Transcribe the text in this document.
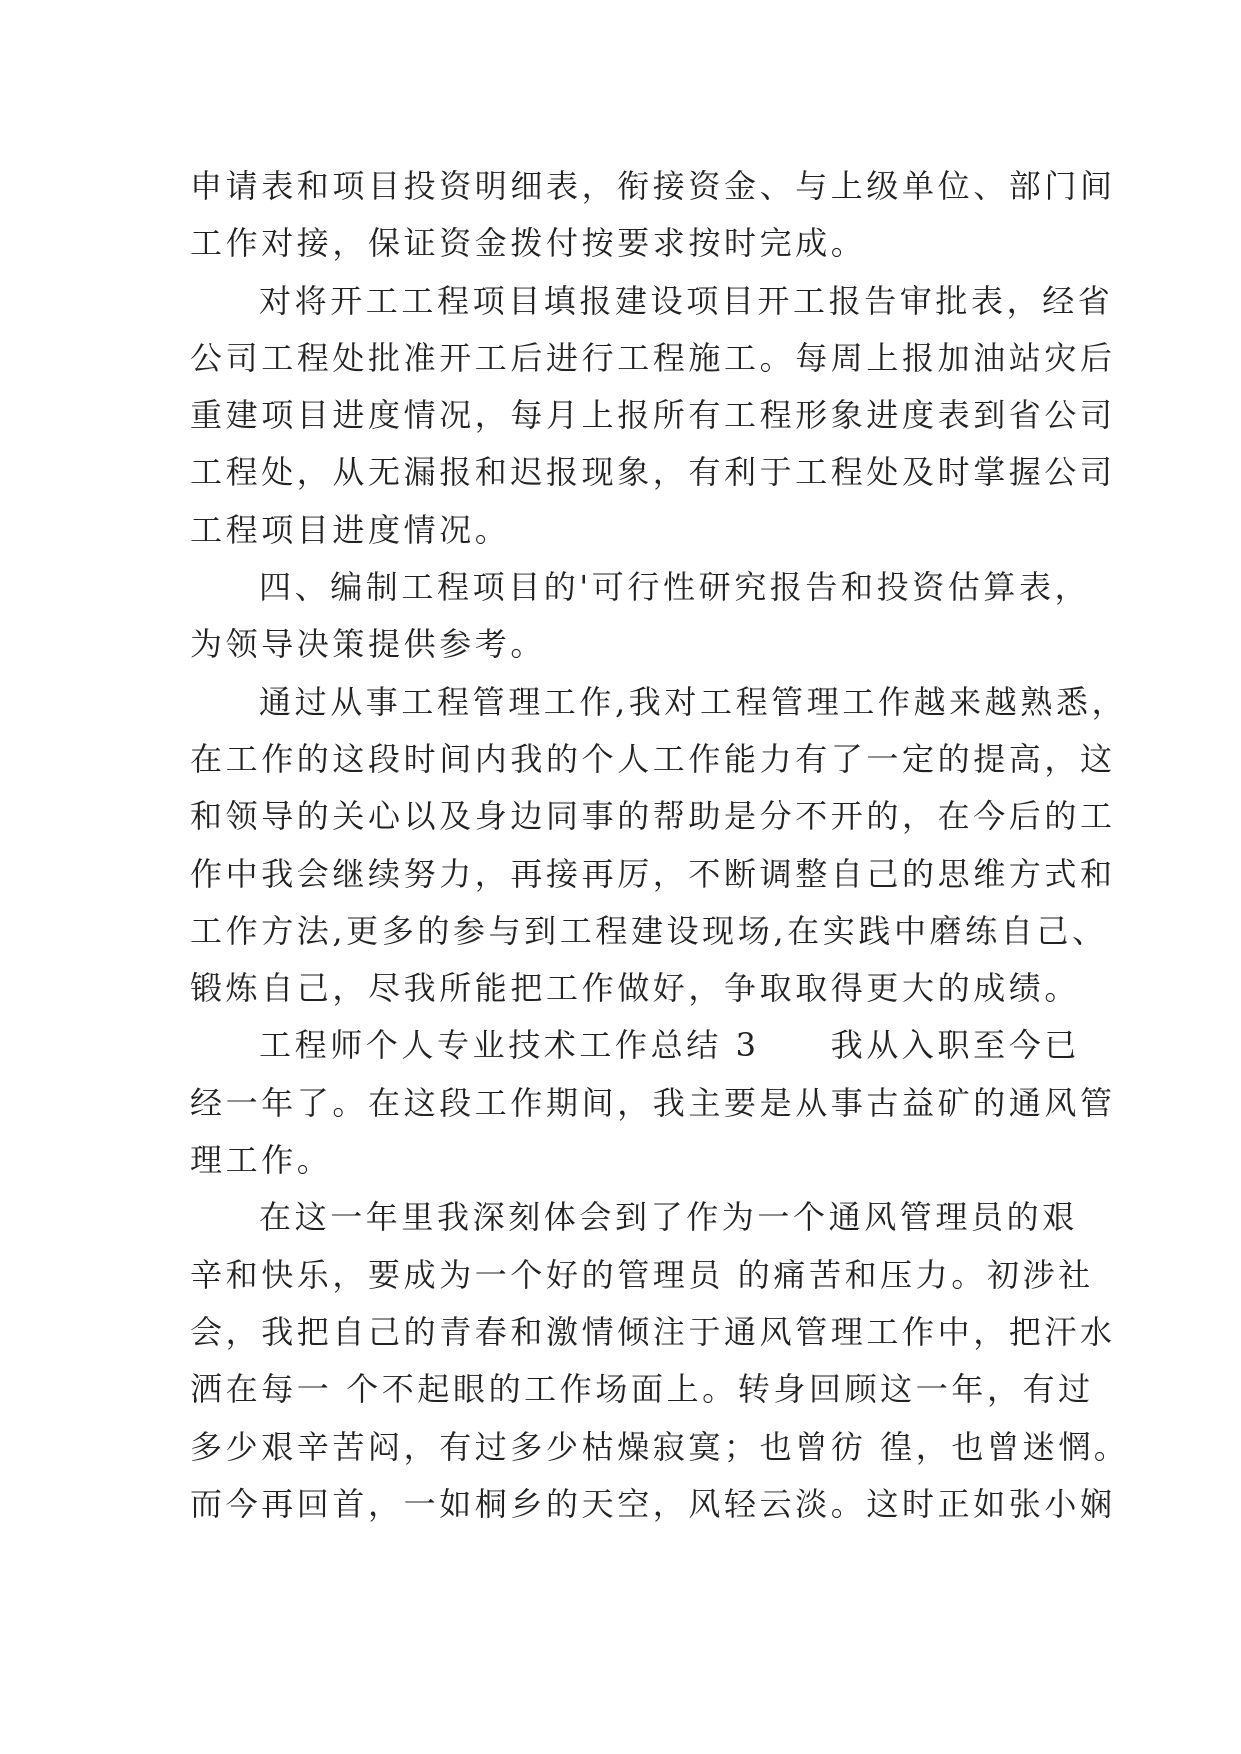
申请表和项目投资明细表，衔接资金、与上级单位、部门间
工作对接，保证资金拨付按要求按时完成。
对将开工工程项目填报建设项目开工报告审批表，经省
公司工程处批准开工后进行工程施工。每周上报加油站灾后
重建项目进度情况，每月上报所有工程形象进度表到省公司
工程处，从无漏报和迟报现象，有利于工程处及时掌握公司
工程项目进度情况。
四、编制工程项目的'可行性研究报告和投资估算表，
为领导决策提供参考。
通过从事工程管理工作,我对工程管理工作越来越熟悉，
在工作的这段时间内我的个人工作能力有了一定的提高，这
和领导的关心以及身边同事的帮助是分不开的，在今后的工
作中我会继续努力，再接再厉，不断调整自己的思维方式和
工作方法,更多的参与到工程建设现场,在实践中磨练自己、
锻炼自己，尽我所能把工作做好，争取取得更大的成绩。
工程师个人专业技术工作总结 3　　我从入职至今已
经一年了。在这段工作期间，我主要是从事古益矿的通风管
理工作。
在这一年里我深刻体会到了作为一个通风管理员的艰
辛和快乐，要成为一个好的管理员 的痛苦和压力。初涉社
会，我把自己的青春和激情倾注于通风管理工作中，把汗水
洒在每一 个不起眼的工作场面上。转身回顾这一年，有过
多少艰辛苦闷，有过多少枯燥寂寞；也曾彷 徨，也曾迷惘。
而今再回首，一如桐乡的天空，风轻云淡。这时正如张小娴
